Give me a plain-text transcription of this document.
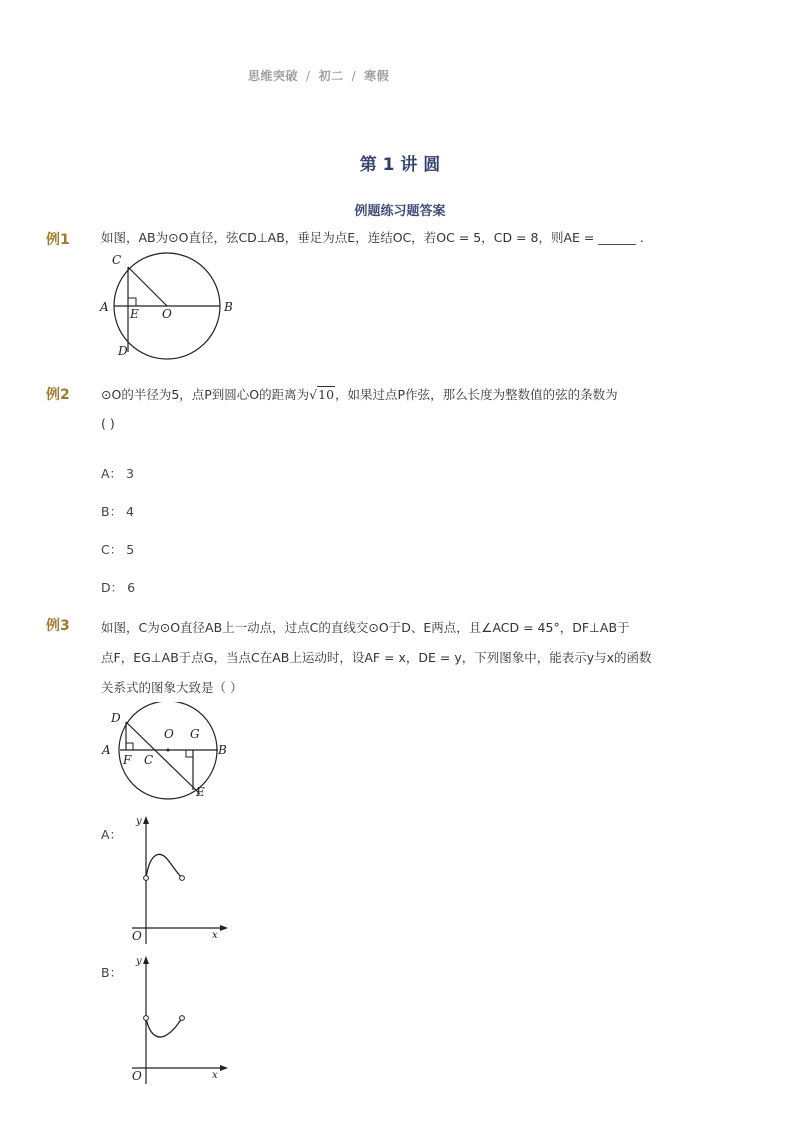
思维突破 / 初二 / 寒假
第 1 讲 圆
例题练习题答案
例1	如图，AB为⊙O直径，弦CD⊥AB，垂足为点E，连结OC，若OC = 5，CD = 8，则AE = ______ .
C
A E O	B
D
例2	⊙O的半径为5，点P到圆心O的距离为√10，如果过点P作弦，那么长度为整数值的弦的条数为
( )
A： 3
B： 4
C： 5
D： 6
例3	如图，C为⊙O直径AB上一动点，过点C的直线交⊙O于D、E两点，且∠ACD = 45°，DF⊥AB于
点F，EG⊥AB于点G，当点C在AB上运动时，设AF = x，DE = y，下列图象中，能表示y与x的函数
关系式的图象大致是（ ）
D
O G
A	B
F C
E
A：
y
x
O
B：
y
x
O
